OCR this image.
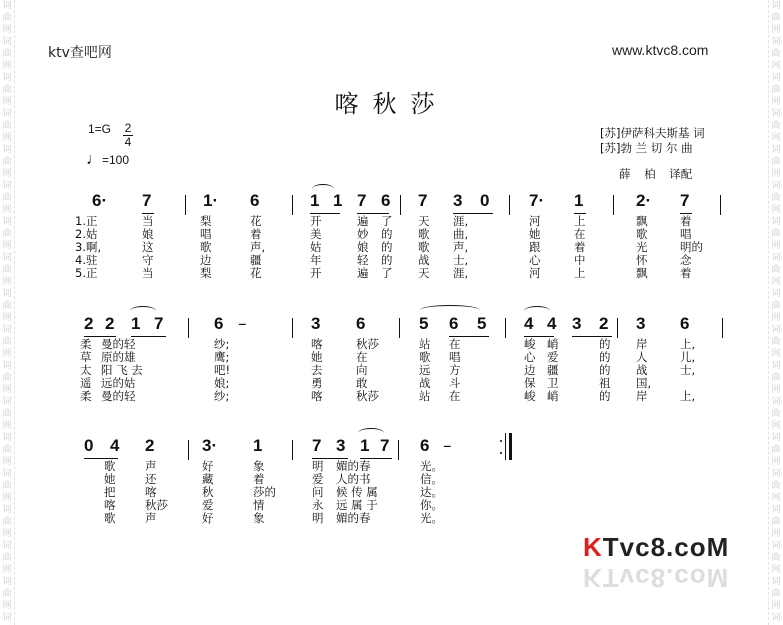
词
曲
网
词
曲
网
词
曲
网
词
曲
网
词
曲
网
词
曲
网
词
曲
网
词
曲
网
词
曲
网
词
曲
网
词
曲
网
词
曲
网
词
曲
网
词
曲
网
词
曲
网
词
曲
网
词
曲
网
词
词
曲
网
词
曲
网
词
曲
网
词
曲
网
词
曲
网
词
曲
网
词
曲
网
词
曲
网
词
曲
网
词
曲
网
词
曲
网
词
曲
网
词
曲
网
词
曲
网
词
曲
网
词
曲
网
词
曲
网
词
ktv查吧网	www.ktvc8.com
喀秋莎
1=G 2
4
♩=100
[苏]伊萨科夫斯基 词
[苏]勃 兰 切 尔 曲
薛 柏 译配
6· 7	1· 6	1 1 7 6 7 3 0 7· 1	2· 7
1.正	当	梨	花	开	遍 了 天 涯,	河	上	飘	着
2.姑	娘	唱	着	美	妙 的 歌 曲,	她	在	歌	唱
3.啊,	这	歌	声,	姑	娘 的 歌 声,	跟	着	光	明的
4.驻	守	边	疆	年	轻 的 战 士,	心	中	怀	念
5.正	当	梨	花	开	遍 了 天 涯,	河	上	飘	着
2 2 1 7	6 –	3 6	5 6 5 4 4 3 2 3 6
柔 曼的轻	纱;	喀	秋莎	站 在	峻 峭	的 岸	上,
草 原的雄	鹰;	她	在	歌 唱	心 爱	的 人	儿,
太 阳 飞 去	吧!	去	向	远 方	边 疆	的 战	士,
遥 远的姑	娘;	勇	敢	战 斗	保 卫	祖 国,
柔 曼的轻	纱;	喀	秋莎	站 在	峻 峭	的 岸	上,
0 4 2	3· 1	7 3 1 7 6 –
歌	声	好	象	明 媚的春	光。
她	还	藏	着	爱 人的书	信。
把	喀	秋	莎的	问 候 传 属	达。
喀	秋莎	爱	情	永 远 属 于	你。
歌	声	好	象	明 媚的春	光。
KTvc8.coM
KTvc8.coM
